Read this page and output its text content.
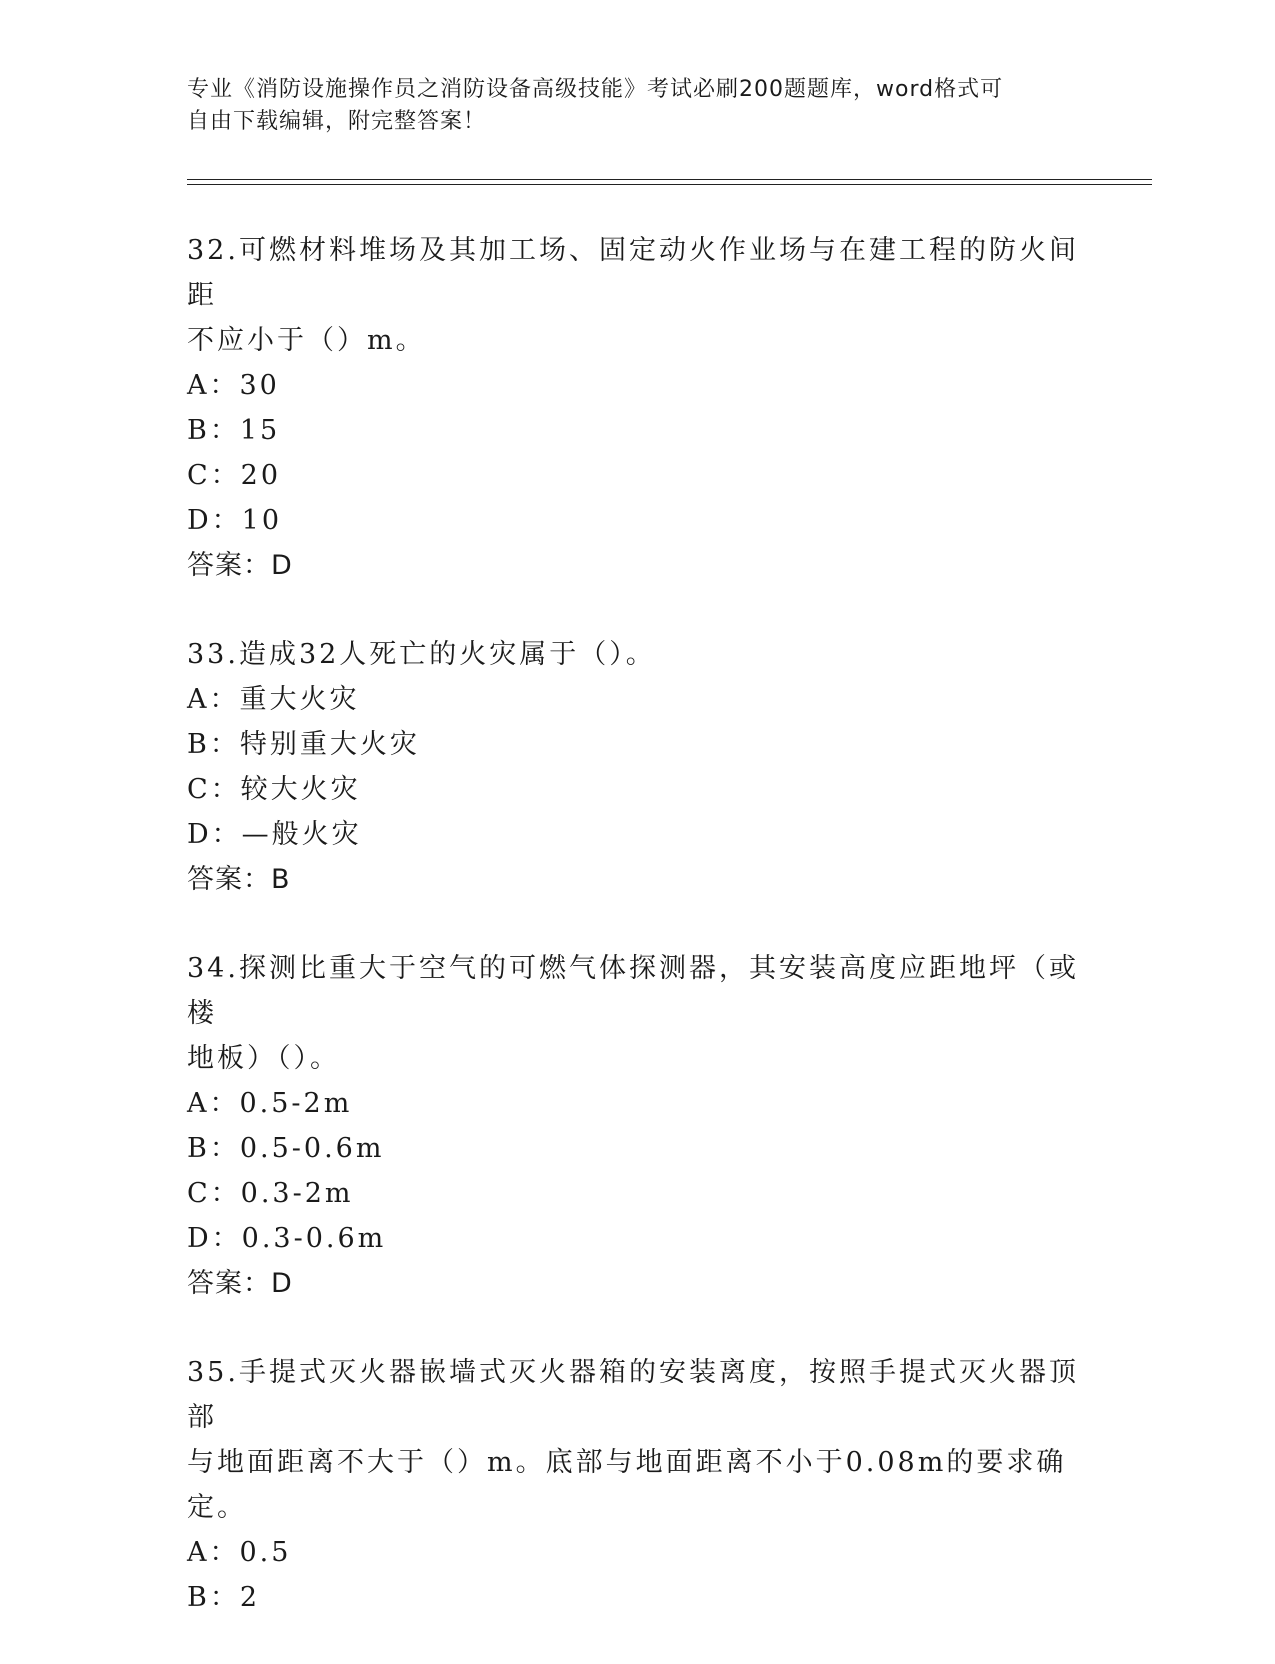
专业《消防设施操作员之消防设备高级技能》考试必刷200题题库，word格式可
自由下载编辑，附完整答案！
32.可燃材料堆场及其加工场、固定动火作业场与在建工程的防火间距
不应小于（）m。
A：30
B：15
C：20
D：10
答案：D
33.造成32人死亡的火灾属于（）。
A：重大火灾
B：特别重大火灾
C：较大火灾
D：—般火灾
答案：B
34.探测比重大于空气的可燃气体探测器，其安装高度应距地坪（或楼
地板）（）。
A：0.5-2m
B：0.5-0.6m
C：0.3-2m
D：0.3-0.6m
答案：D
35.手提式灭火器嵌墙式灭火器箱的安装离度，按照手提式灭火器顶部
与地面距离不大于（）m。底部与地面距离不小于0.08m的要求确定。
A：0.5
B：2
